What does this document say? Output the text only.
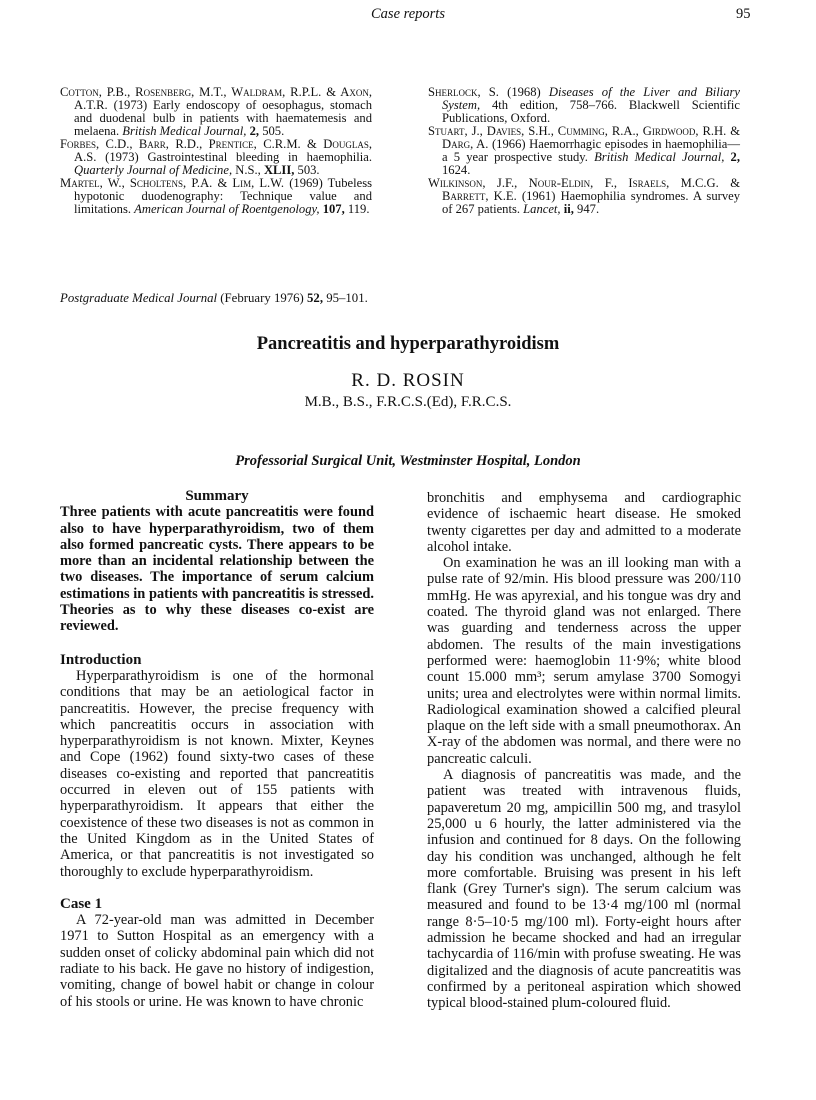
Case reports	95
Cotton, P.B., Rosenberg, M.T., Waldram, R.P.L. & Axon, A.T.R. (1973) Early endoscopy of oesophagus, stomach and duodenal bulb in patients with haematemesis and melaena. British Medical Journal, 2, 505.
Forbes, C.D., Barr, R.D., Prentice, C.R.M. & Douglas, A.S. (1973) Gastrointestinal bleeding in haemophilia. Quarterly Journal of Medicine, N.S., XLII, 503.
Martel, W., Scholtens, P.A. & Lim, L.W. (1969) Tubeless hypotonic duodenography: Technique value and limitations. American Journal of Roentgenology, 107, 119.
Sherlock, S. (1968) Diseases of the Liver and Biliary System, 4th edition, 758–766. Blackwell Scientific Publications, Oxford.
Stuart, J., Davies, S.H., Cumming, R.A., Girdwood, R.H. & Darg, A. (1966) Haemorrhagic episodes in haemophilia—a 5 year prospective study. British Medical Journal, 2, 1624.
Wilkinson, J.F., Nour-Eldin, F., Israels, M.C.G. & Barrett, K.E. (1961) Haemophilia syndromes. A survey of 267 patients. Lancet, ii, 947.
Postgraduate Medical Journal (February 1976) 52, 95–101.
Pancreatitis and hyperparathyroidism
R. D. ROSIN
M.B., B.S., F.R.C.S.(Ed), F.R.C.S.
Professorial Surgical Unit, Westminster Hospital, London
Summary

Three patients with acute pancreatitis were found also to have hyperparathyroidism, two of them also formed pancreatic cysts. There appears to be more than an incidental relationship between the two diseases. The importance of serum calcium estimations in patients with pancreatitis is stressed. Theories as to why these diseases co-exist are reviewed.

Introduction

Hyperparathyroidism is one of the hormonal conditions that may be an aetiological factor in pancreatitis. However, the precise frequency with which pancreatitis occurs in association with hyperparathyroidism is not known. Mixter, Keynes and Cope (1962) found sixty-two cases of these diseases co-existing and reported that pancreatitis occurred in eleven out of 155 patients with hyperparathyroidism. It appears that either the coexistence of these two diseases is not as common in the United Kingdom as in the United States of America, or that pancreatitis is not investigated so thoroughly to exclude hyperparathyroidism.

Case 1

A 72-year-old man was admitted in December 1971 to Sutton Hospital as an emergency with a sudden onset of colicky abdominal pain which did not radiate to his back. He gave no history of indigestion, vomiting, change of bowel habit or change in colour of his stools or urine. He was known to have chronic

bronchitis and emphysema and cardiographic evidence of ischaemic heart disease. He smoked twenty cigarettes per day and admitted to a moderate alcohol intake.

On examination he was an ill looking man with a pulse rate of 92/min. His blood pressure was 200/110 mmHg. He was apyrexial, and his tongue was dry and coated. The thyroid gland was not enlarged. There was guarding and tenderness across the upper abdomen. The results of the main investigations performed were: haemoglobin 11·9%; white blood count 15.000 mm³; serum amylase 3700 Somogyi units; urea and electrolytes were within normal limits. Radiological examination showed a calcified pleural plaque on the left side with a small pneumothorax. An X-ray of the abdomen was normal, and there were no pancreatic calculi.

A diagnosis of pancreatitis was made, and the patient was treated with intravenous fluids, papaveretum 20 mg, ampicillin 500 mg, and trasylol 25,000 u 6 hourly, the latter administered via the infusion and continued for 8 days. On the following day his condition was unchanged, although he felt more comfortable. Bruising was present in his left flank (Grey Turner's sign). The serum calcium was measured and found to be 13·4 mg/100 ml (normal range 8·5–10·5 mg/100 ml). Forty-eight hours after admission he became shocked and had an irregular tachycardia of 116/min with profuse sweating. He was digitalized and the diagnosis of acute pancreatitis was confirmed by a peritoneal aspiration which showed typical blood-stained plum-coloured fluid.
